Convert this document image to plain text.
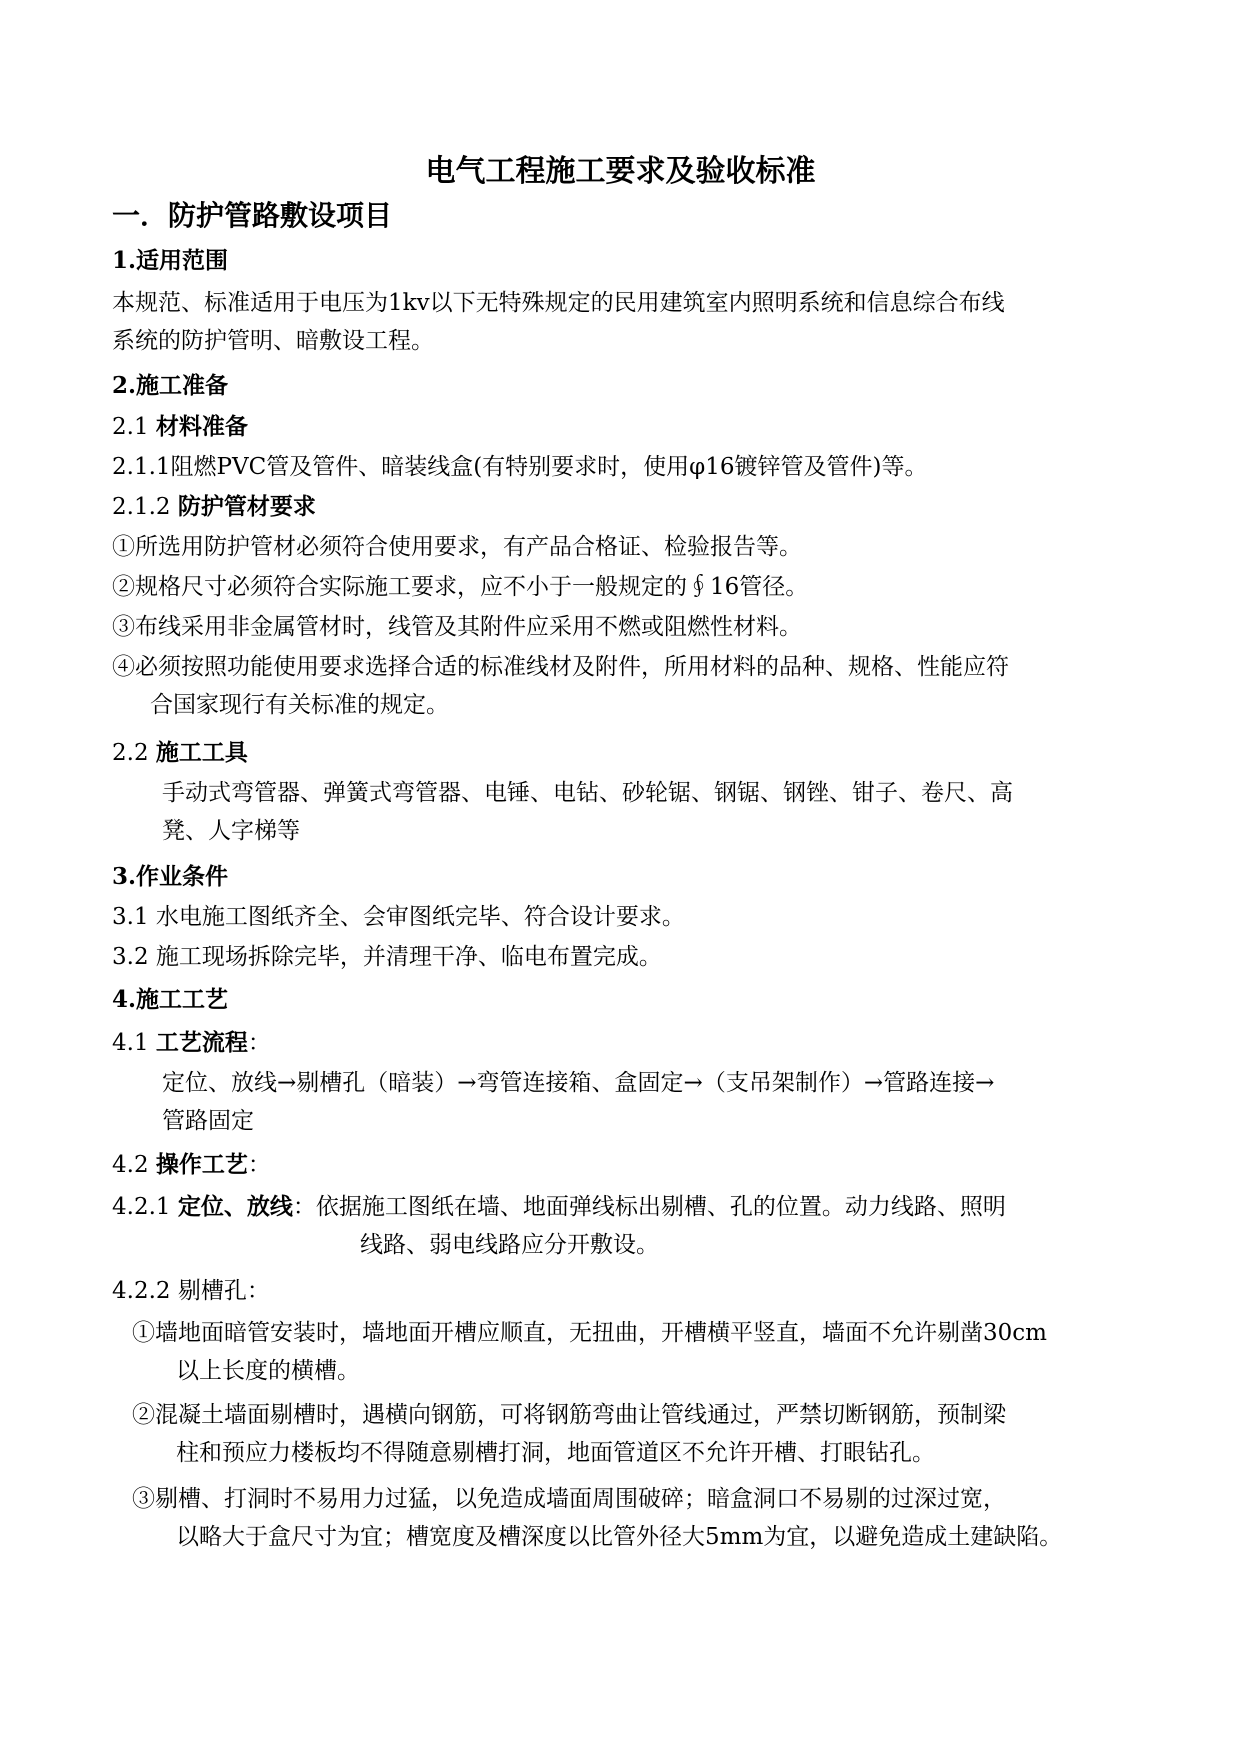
电气工程施工要求及验收标准
一．防护管路敷设项目
1.适用范围
本规范、标准适用于电压为1kv以下无特殊规定的民用建筑室内照明系统和信息综合布线
系统的防护管明、暗敷设工程。
2.施工准备
2.1 材料准备
2.1.1阻燃PVC管及管件、暗装线盒(有特别要求时，使用φ16镀锌管及管件)等。
2.1.2 防护管材要求
①所选用防护管材必须符合使用要求，有产品合格证、检验报告等。
②规格尺寸必须符合实际施工要求，应不小于一般规定的∮16管径。
③布线采用非金属管材时，线管及其附件应采用不燃或阻燃性材料。
④必须按照功能使用要求选择合适的标准线材及附件，所用材料的品种、规格、性能应符
合国家现行有关标准的规定。
2.2 施工工具
手动式弯管器、弹簧式弯管器、电锤、电钻、砂轮锯、钢锯、钢锉、钳子、卷尺、高
凳、人字梯等
3.作业条件
3.1 水电施工图纸齐全、会审图纸完毕、符合设计要求。
3.2 施工现场拆除完毕，并清理干净、临电布置完成。
4.施工工艺
4.1 工艺流程：
定位、放线→剔槽孔（暗装）→弯管连接箱、盒固定→（支吊架制作）→管路连接→
管路固定
4.2 操作工艺：
4.2.1 定位、放线：依据施工图纸在墙、地面弹线标出剔槽、孔的位置。动力线路、照明
线路、弱电线路应分开敷设。
4.2.2 剔槽孔：
①墙地面暗管安装时，墙地面开槽应顺直，无扭曲，开槽横平竖直，墙面不允许剔凿30cm
以上长度的横槽。
②混凝土墙面剔槽时，遇横向钢筋，可将钢筋弯曲让管线通过，严禁切断钢筋，预制梁
柱和预应力楼板均不得随意剔槽打洞，地面管道区不允许开槽、打眼钻孔。
③剔槽、打洞时不易用力过猛，以免造成墙面周围破碎；暗盒洞口不易剔的过深过宽，
以略大于盒尺寸为宜；槽宽度及槽深度以比管外径大5mm为宜，以避免造成土建缺陷。
